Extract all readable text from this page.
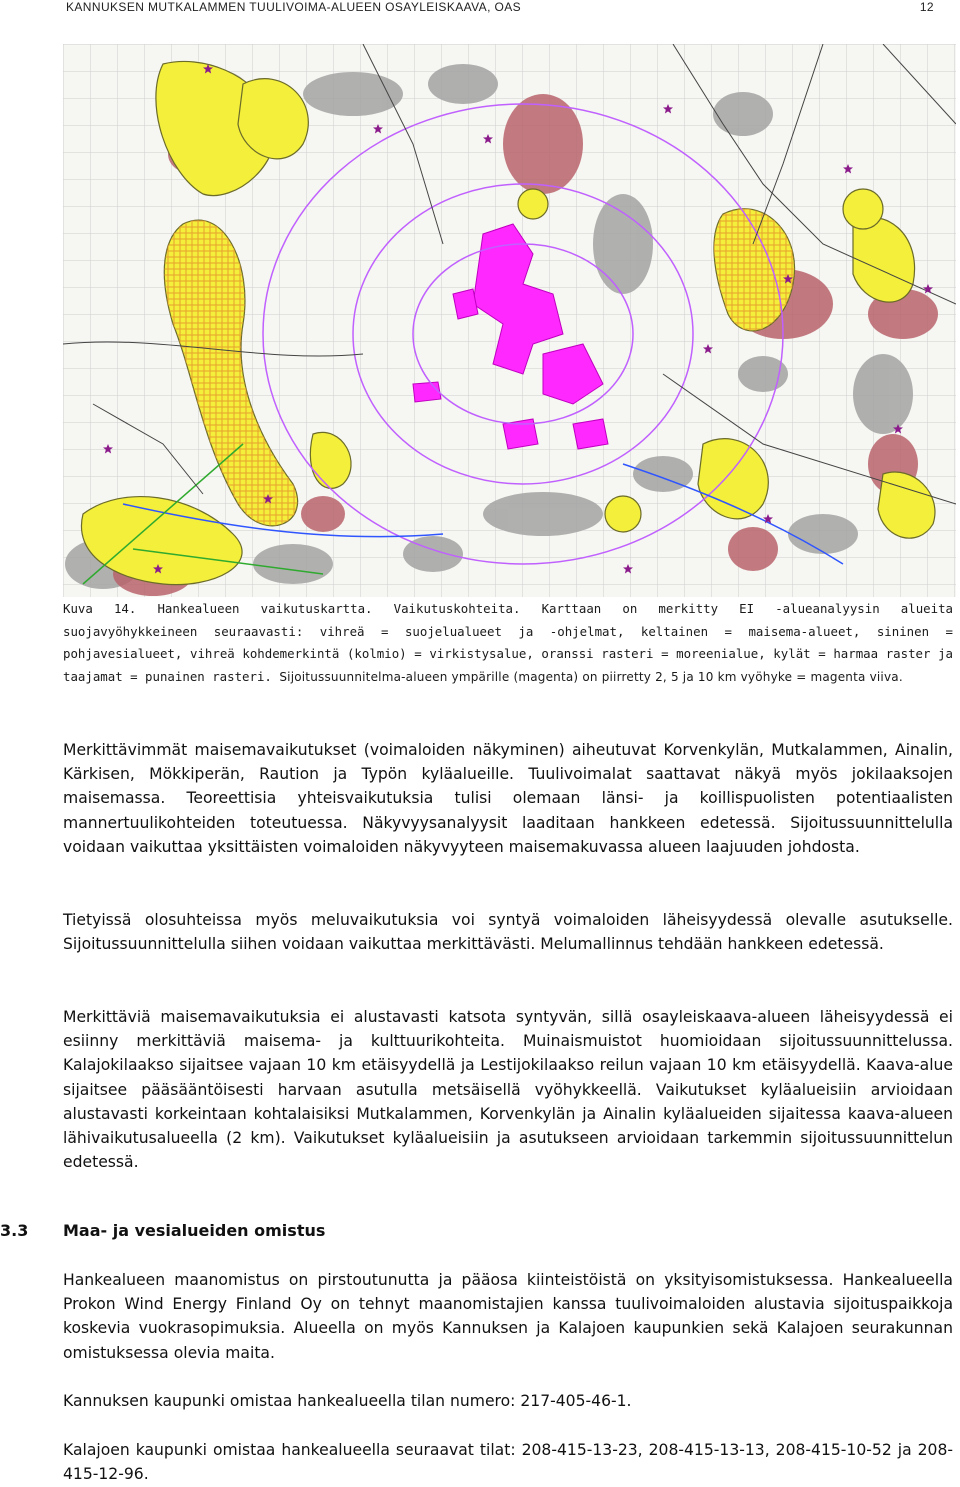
KANNUKSEN MUTKALAMMEN TUULIVOIMA-ALUEEN OSAYLEISKAAVA, OAS	12
Kuva 14. Hankealueen vaikutuskartta. Vaikutuskohteita. Karttaan on merkitty EI -alueanalyysin alueita suojavyöhykkeineen seuraavasti: vihreä = suojelualueet ja -ohjelmat, keltainen = maisema-alueet, sininen = pohjavesialueet, vihreä kohdemerkintä (kolmio) = virkistysalue, oranssi rasteri = moreenialue, kylät = harmaa raster ja taajamat = punainen rasteri. Sijoitussuunnitelma-alueen ympärille (magenta) on piirretty 2, 5 ja 10 km vyöhyke = magenta viiva.

Merkittävimmät maisemavaikutukset (voimaloiden näkyminen) aiheutuvat Korvenkylän, Mutkalammen, Ainalin, Kärkisen, Mökkiperän, Raution ja Typön kyläalueille. Tuulivoimalat saattavat näkyä myös jokilaaksojen maisemassa. Teoreettisia yhteisvaikutuksia tulisi olemaan länsi- ja koillispuolisten potentiaalisten mannertuulikohteiden toteutuessa. Näkyvyysanalyysit laaditaan hankkeen edetessä. Sijoitussuunnittelulla voidaan vaikuttaa yksittäisten voimaloiden näkyvyyteen maisemakuvassa alueen laajuuden johdosta.

Tietyissä olosuhteissa myös meluvaikutuksia voi syntyä voimaloiden läheisyydessä olevalle asutukselle. Sijoitussuunnittelulla siihen voidaan vaikuttaa merkittävästi. Melumallinnus tehdään hankkeen edetessä.

Merkittäviä maisemavaikutuksia ei alustavasti katsota syntyvän, sillä osayleiskaava-alueen läheisyydessä ei esiinny merkittäviä maisema- ja kulttuurikohteita. Muinaismuistot huomioidaan sijoitussuunnittelussa. Kalajokilaakso sijaitsee vajaan 10 km etäisyydellä ja Lestijokilaakso reilun vajaan 10 km etäisyydellä. Kaava-alue sijaitsee pääsääntöisesti harvaan asutulla metsäisellä vyöhykkeellä. Vaikutukset kyläalueisiin arvioidaan alustavasti korkeintaan kohtalaisiksi Mutkalammen, Korvenkylän ja Ainalin kyläalueiden sijaitessa kaava-alueen lähivaikutusalueella (2 km). Vaikutukset kyläalueisiin ja asutukseen arvioidaan tarkemmin sijoitussuunnittelun edetessä.

3.3 Maa- ja vesialueiden omistus

Hankealueen maanomistus on pirstoutunutta ja pääosa kiinteistöistä on yksityisomistuksessa. Hankealueella Prokon Wind Energy Finland Oy on tehnyt maanomistajien kanssa tuulivoimaloiden alustavia sijoituspaikkoja koskevia vuokrasopimuksia. Alueella on myös Kannuksen ja Kalajoen kaupunkien sekä Kalajoen seurakunnan omistuksessa olevia maita.

Kannuksen kaupunki omistaa hankealueella tilan numero: 217-405-46-1.

Kalajoen kaupunki omistaa hankealueella seuraavat tilat: 208-415-13-23, 208-415-13-13, 208-415-10-52 ja 208-415-12-96.
